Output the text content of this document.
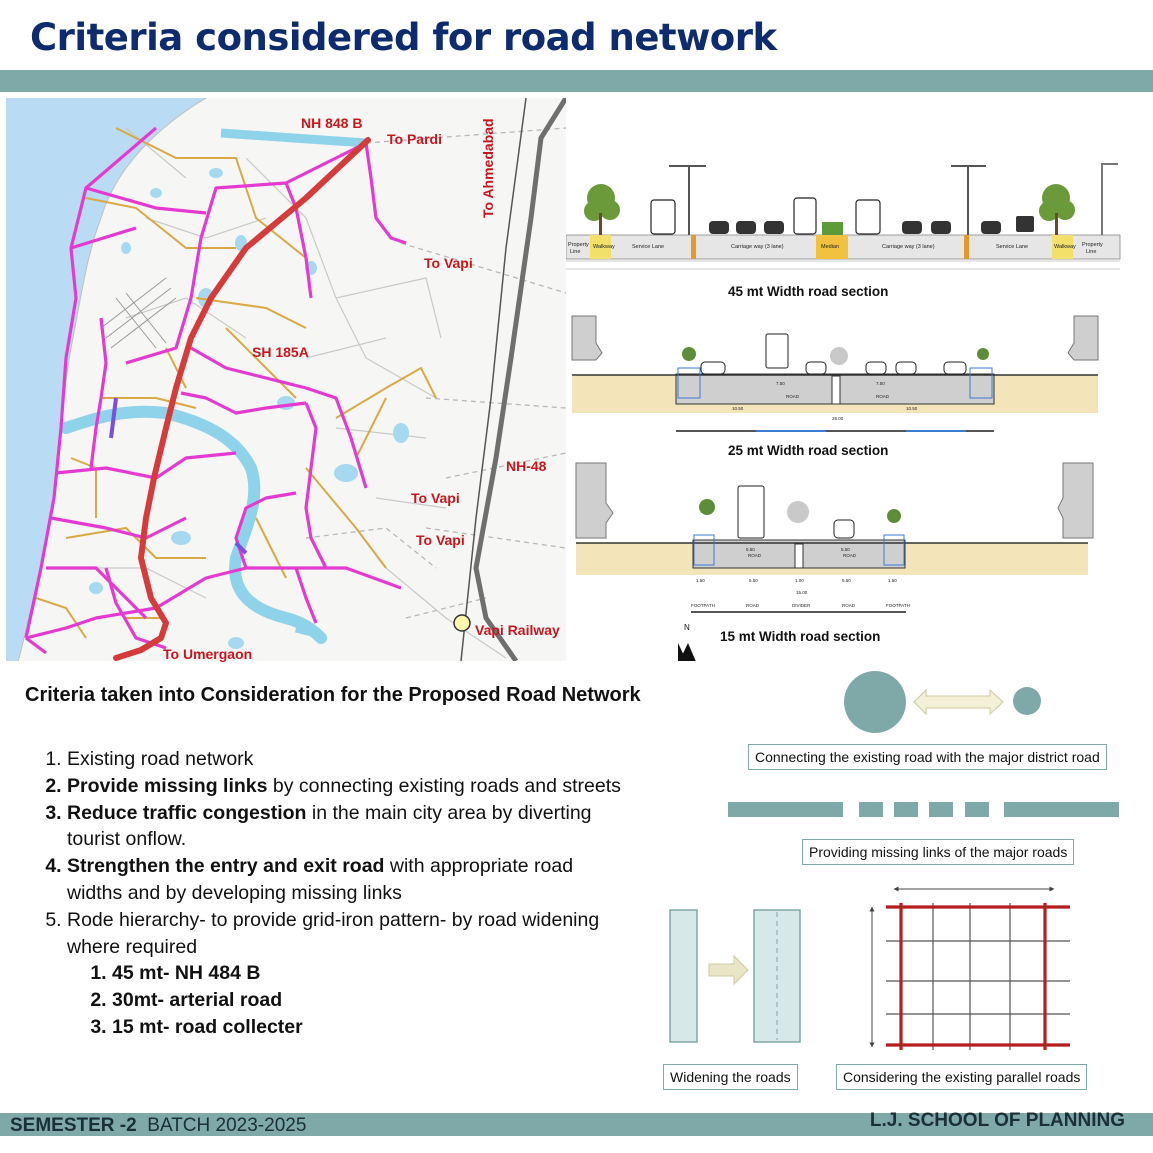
Criteria considered for road network
NH 848 B
To Pardi
To Vapi
To Ahmedabad
SH 185A
NH-48
To Vapi
To Vapi
Vapi Railway
To Umergaon
Property
Line
Walkway	Service Lane	Carriage way (3 lane)	Median	Carriage way (3 lane)	Service Lane	Walkway Property
Line
7.50	7.50
ROAD	ROAD
10.50	10.50
25.00
5.50	5.50
ROAD	ROAD
1.50	5.50	1.00	5.50	1.50
15.00
FOOTPATH	ROAD	DIVIDER	ROAD	FOOTPATH
N
45 mt Width road section
25 mt Width road section
15 mt Width road section
Criteria taken into Consideration for the Proposed Road Network
1. Existing road network
2. Provide missing links by connecting existing roads and streets
3. Reduce traffic congestion in the main city area by diverting tourist onflow.
4. Strengthen the entry and exit road with appropriate road widths and by developing missing links
5. Rode hierarchy- to provide grid-iron pattern- by road widening where required
1. 45 mt- NH 484 B
2. 30mt- arterial road
3. 15 mt- road collecter
Connecting the existing road with the major district road
Providing missing links of the major roads
Widening the roads	Considering the existing parallel roads
SEMESTER -2 BATCH 2023-2025	L.J. SCHOOL OF PLANNING
